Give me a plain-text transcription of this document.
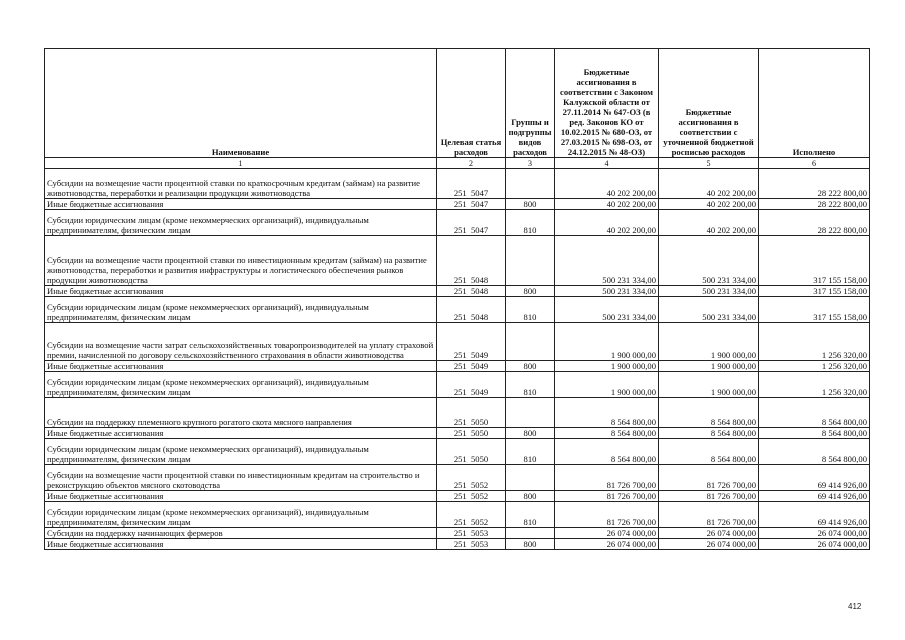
Наименование	Целевая статья расходов	Группы и подгруппы видов расходов	Бюджетные ассигнования в соответствии с Законом Калужской области от 27.11.2014 № 647-ОЗ (в ред. Законов КО от 10.02.2015 № 680-ОЗ, от 27.03.2015 № 698-ОЗ, от 24.12.2015 № 48-ОЗ)	Бюджетные ассигнования в соответствии с уточненной бюджетной росписью расходов	Исполнено
1	2	3	4	5	6
Субсидии на возмещение части процентной ставки по краткосрочным кредитам (займам) на развитие животноводства, переработки и реализации продукции животноводства	251  5047		40 202 200,00	40 202 200,00	28 222 800,00
Иные бюджетные ассигнования	251  5047	800	40 202 200,00	40 202 200,00	28 222 800,00
Субсидии юридическим лицам (кроме некоммерческих организаций), индивидуальным предпринимателям, физическим лицам	251  5047	810	40 202 200,00	40 202 200,00	28 222 800,00
Субсидии на возмещение части процентной ставки по инвестиционным кредитам (займам) на развитие животноводства, переработки и развития инфраструктуры и логистического обеспечения рынков продукции животноводства	251  5048		500 231 334,00	500 231 334,00	317 155 158,00
Иные бюджетные ассигнования	251  5048	800	500 231 334,00	500 231 334,00	317 155 158,00
Субсидии юридическим лицам (кроме некоммерческих организаций), индивидуальным предпринимателям, физическим лицам	251  5048	810	500 231 334,00	500 231 334,00	317 155 158,00
Субсидии на возмещение части затрат сельскохозяйственных товаропроизводителей на уплату страховой премии, начисленной по договору сельскохозяйственного страхования в области животноводства	251  5049		1 900 000,00	1 900 000,00	1 256 320,00
Иные бюджетные ассигнования	251  5049	800	1 900 000,00	1 900 000,00	1 256 320,00
Субсидии юридическим лицам (кроме некоммерческих организаций), индивидуальным предпринимателям, физическим лицам	251  5049	810	1 900 000,00	1 900 000,00	1 256 320,00
Субсидии на поддержку племенного крупного рогатого скота мясного направления	251  5050		8 564 800,00	8 564 800,00	8 564 800,00
Иные бюджетные ассигнования	251  5050	800	8 564 800,00	8 564 800,00	8 564 800,00
Субсидии юридическим лицам (кроме некоммерческих организаций), индивидуальным предпринимателям, физическим лицам	251  5050	810	8 564 800,00	8 564 800,00	8 564 800,00
Субсидии на возмещение части процентной ставки по инвестиционным кредитам на строительство и реконструкцию объектов мясного скотоводства	251  5052		81 726 700,00	81 726 700,00	69 414 926,00
Иные бюджетные ассигнования	251  5052	800	81 726 700,00	81 726 700,00	69 414 926,00
Субсидии юридическим лицам (кроме некоммерческих организаций), индивидуальным предпринимателям, физическим лицам	251  5052	810	81 726 700,00	81 726 700,00	69 414 926,00
Субсидии на поддержку начинающих фермеров	251  5053		26 074 000,00	26 074 000,00	26 074 000,00
Иные бюджетные ассигнования	251  5053	800	26 074 000,00	26 074 000,00	26 074 000,00
412
